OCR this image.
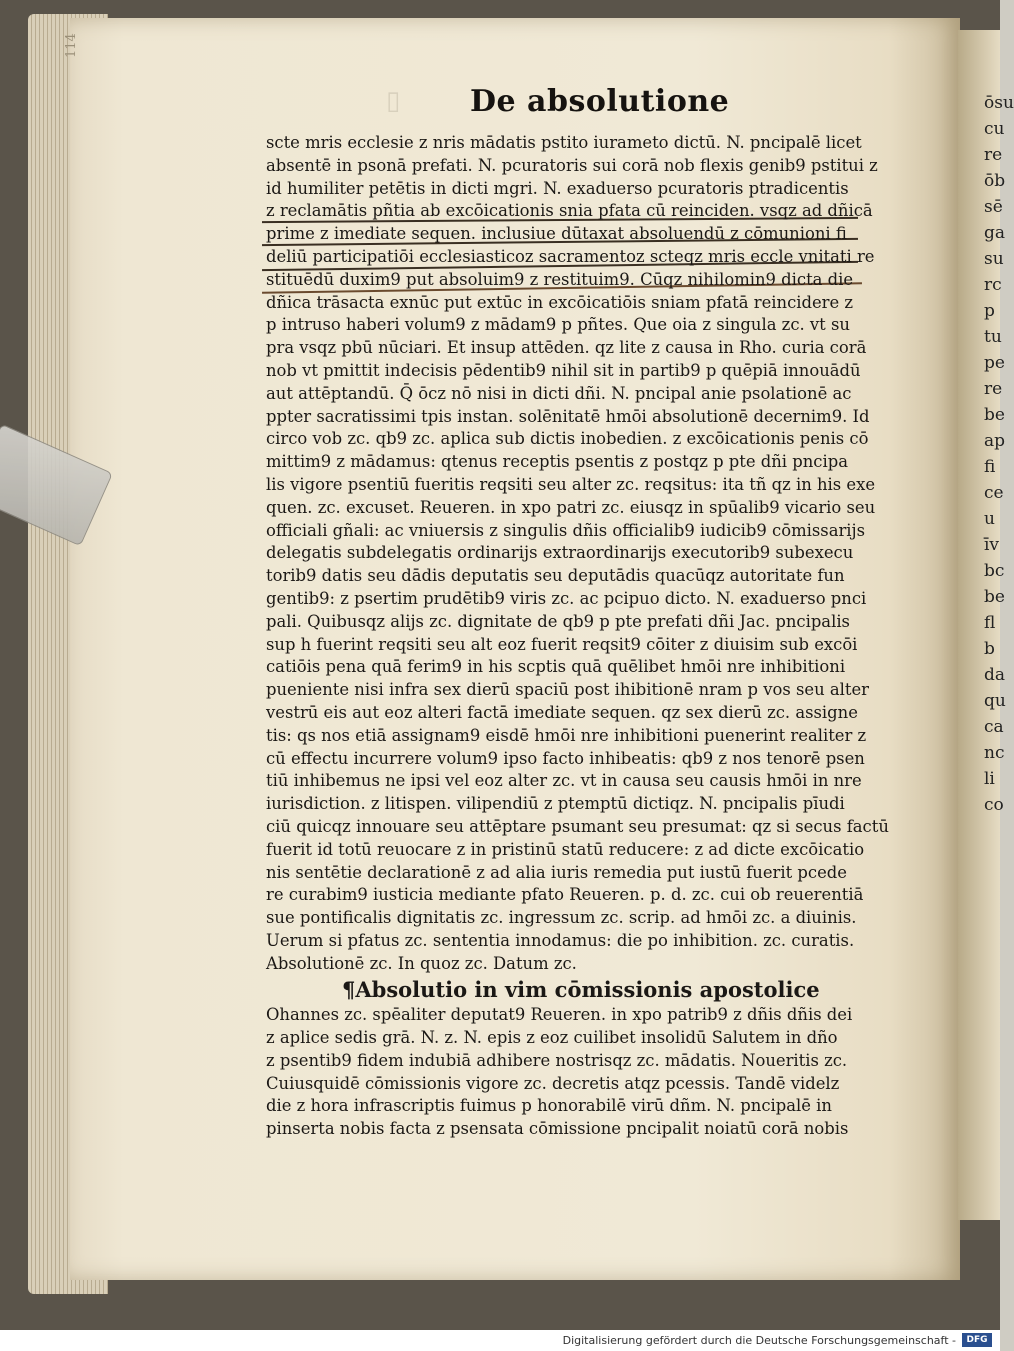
ōsu
cu
re
ōb
sē
ga
su
rc
p
tu
pe
re
be
ap
fi
ce
u
īv
bc
be
fl
b
da
qu
ca
nc
li
co
114
▯	De absolutione
scte mris ecclesie z nris mādatis pstito iurameto dictū. N. pncipalē licet
absentē in psonā prefati. N. pcuratoris sui corā nob flexis genib9 pstitui z
id humiliter petētis in dicti mgri. N. exaduerso pcuratoris ptradicentis
z reclamātis pñtia ab excōicationis snia pfata cū reinciden. vsqz ad dñicā
prime z imediate sequen. inclusiue dūtaxat absoluendū z cōmunioni fi
deliū participatiōi ecclesiasticoz sacramentoz scteqz mris eccle vnitati re
stituēdū duxim9 put absoluim9 z restituim9. Cūqz nihilomin9 dicta die
dñica trāsacta exnūc put extūc in excōicatiōis sniam pfatā reincidere z
p intruso haberi volum9 z mādam9 p pñtes. Que oia z singula zc. vt su
pra vsqz pbū nūciari. Et insup attēden. qz lite z causa in Rho. curia corā
nob vt pmittit indecisis pēdentib9 nihil sit in partib9 p quēpiā innouādū
aut attēptandū. Q̄ ōcz nō nisi in dicti dñi. N. pncipal anie psolationē ac
ppter sacratissimi tpis instan. solēnitatē hmōi absolutionē decernim9. Id
circo vob zc. qb9 zc. aplica sub dictis inobedien. z excōicationis penis cō
mittim9 z mādamus: qtenus receptis psentis z postqz p pte dñi pncipa
lis vigore psentiū fueritis reqsiti seu alter zc. reqsitus: ita tñ qz in his exe
quen. zc. excuset. Reueren. in xpo patri zc. eiusqz in spūalib9 vicario seu
officiali gñali: ac vniuersis z singulis dñis officialib9 iudicib9 cōmissarijs
delegatis subdelegatis ordinarijs extraordinarijs executorib9 subexecu
torib9 datis seu dādis deputatis seu deputādis quacūqz autoritate fun
gentib9: z psertim prudētib9 viris zc. ac pcipuo dicto. N. exaduerso pnci
pali. Quibusqz alijs zc. dignitate de qb9 p pte prefati dñi Jac. pncipalis
sup h fuerint reqsiti seu alt eoz fuerit reqsit9 cōiter z diuisim sub excōi
catiōis pena quā ferim9 in his scptis quā quēlibet hmōi nre inhibitioni
pueniente nisi infra sex dierū spaciū post ihibitionē nram p vos seu alter
vestrū eis aut eoz alteri factā imediate sequen. qz sex dierū zc. assigne
tis: qs nos etiā assignam9 eisdē hmōi nre inhibitioni puenerint realiter z
cū effectu incurrere volum9 ipso facto inhibeatis: qb9 z nos tenorē psen
tiū inhibemus ne ipsi vel eoz alter zc. vt in causa seu causis hmōi in nre
iurisdiction. z litispen. vilipendiū z ptemptū dictiqz. N. pncipalis pīudi
ciū quicqz innouare seu attēptare psumant seu presumat: qz si secus factū
fuerit id totū reuocare z in pristinū statū reducere: z ad dicte excōicatio
nis sentētie declarationē z ad alia iuris remedia put iustū fuerit pcede
re curabim9 iusticia mediante pfato Reueren. p. d. zc. cui ob reuerentiā
sue pontificalis dignitatis zc. ingressum zc. scrip. ad hmōi zc. a diuinis.
Uerum si pfatus zc. sententia innodamus: die po inhibition. zc. curatis.
Absolutionē zc. In quoz zc. Datum zc.
¶Absolutio in vim cōmissionis apostolice
Ohannes zc. spēaliter deputat9 Reueren. in xpo patrib9 z dñis dñis dei
z aplice sedis grā. N. z. N. epis z eoz cuilibet insolidū Salutem in dño
z psentib9 fidem indubiā adhibere nostrisqz zc. mādatis. Noueritis zc.
Cuiusquidē cōmissionis vigore zc. decretis atqz pcessis. Tandē videlz
die z hora infrascriptis fuimus p honorabilē virū dñm. N. pncipalē in
pinserta nobis facta z psensata cōmissione pncipalit noiatū corā nobis
Digitalisierung gefördert durch die Deutsche Forschungsgemeinschaft -	DFG
